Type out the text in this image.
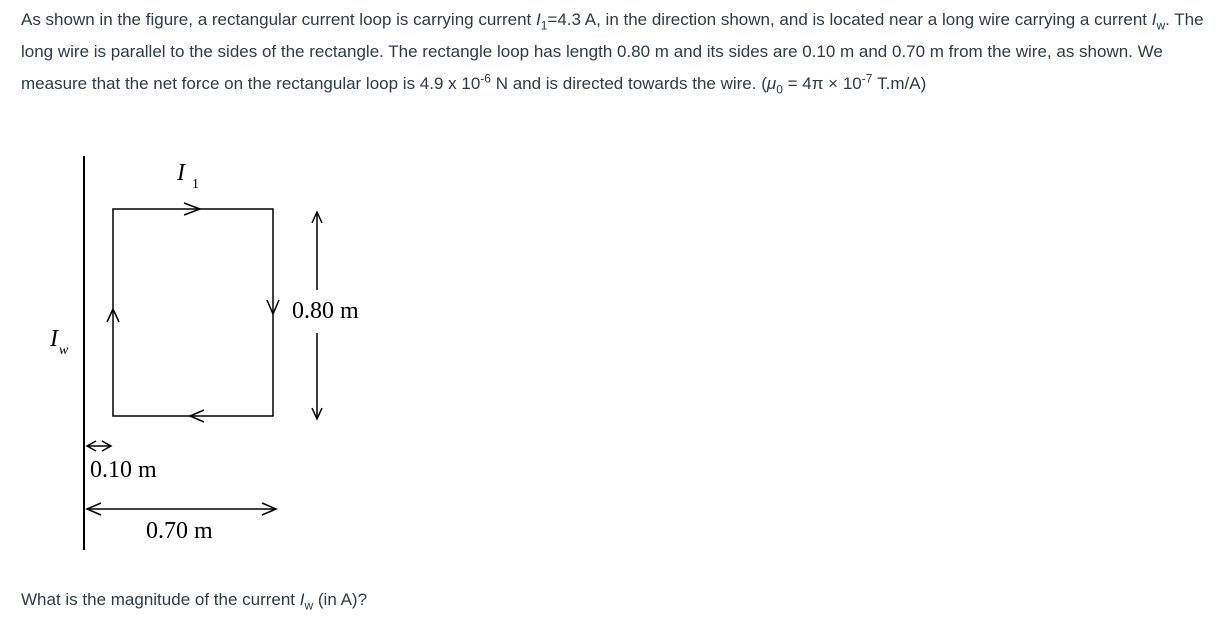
As shown in the figure, a rectangular current loop is carrying current $I_1=4.3$ A, in the direction shown, and is located near a long wire carrying a current $I_w$. The long wire is parallel to the sides of the rectangle. The rectangle loop has length 0.80 m and its sides are 0.10 m and 0.70 m from the wire, as shown. We measure that the net force on the rectangular loop is 4.9 x $10^{-6}$ N and is directed towards the wire. ($\mu_0 = 4\pi \times 10^{-7}$ T.m/A)

I 1
I w
0.80 m
0.10 m
0.70 m

What is the magnitude of the current $I_w$ (in A)?
